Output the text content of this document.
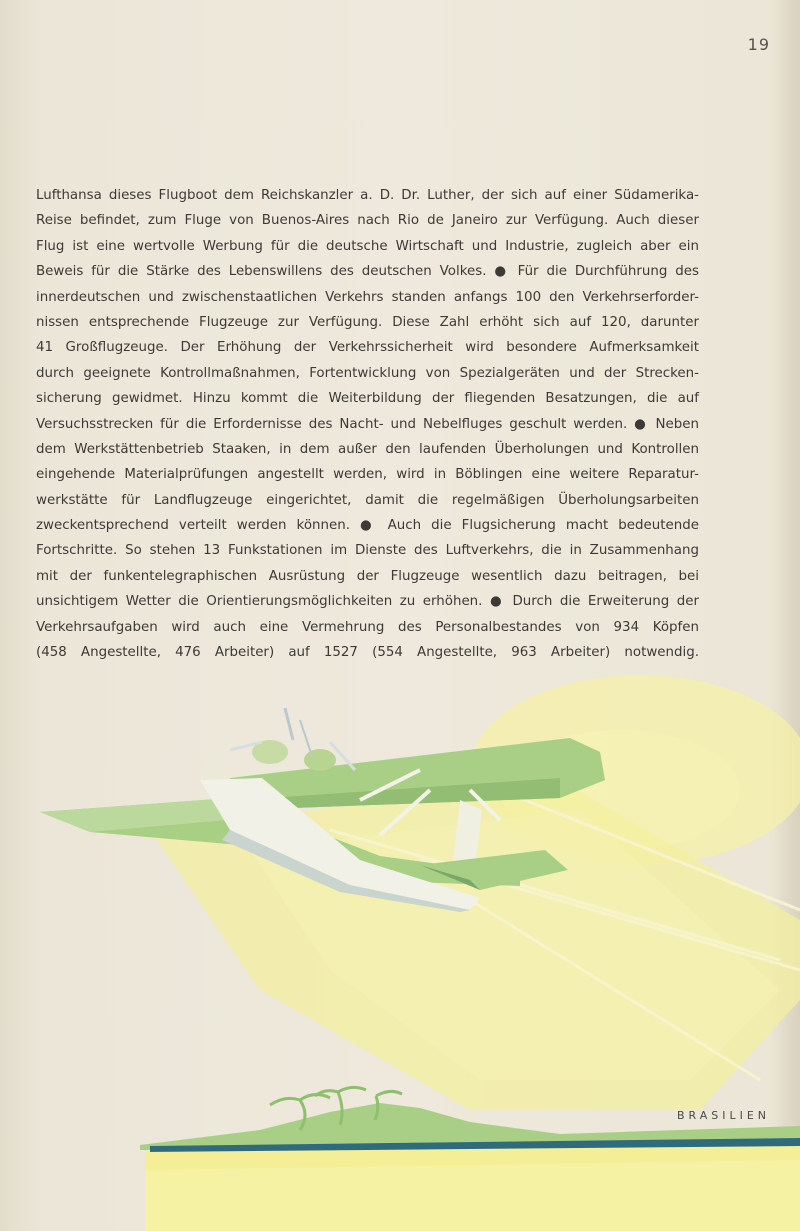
19
Lufthansa dieses Flugboot dem Reichskanzler a. D. Dr. Luther, der sich auf einer Südamerika-
Reise befindet, zum Fluge von Buenos-Aires nach Rio de Janeiro zur Verfügung. Auch dieser
Flug ist eine wertvolle Werbung für die deutsche Wirtschaft und Industrie, zugleich aber ein
Beweis für die Stärke des Lebenswillens des deutschen Volkes. ● Für die Durchführung des
innerdeutschen und zwischenstaatlichen Verkehrs standen anfangs 100 den Verkehrserforder-
nissen entsprechende Flugzeuge zur Verfügung. Diese Zahl erhöht sich auf 120, darunter
41 Großflugzeuge. Der Erhöhung der Verkehrssicherheit wird besondere Aufmerksamkeit
durch geeignete Kontrollmaßnahmen, Fortentwicklung von Spezialgeräten und der Strecken-
sicherung gewidmet. Hinzu kommt die Weiterbildung der fliegenden Besatzungen, die auf
Versuchsstrecken für die Erfordernisse des Nacht- und Nebelfluges geschult werden. ● Neben
dem Werkstättenbetrieb Staaken, in dem außer den laufenden Überholungen und Kontrollen
eingehende Materialprüfungen angestellt werden, wird in Böblingen eine weitere Reparatur-
werkstätte für Landflugzeuge eingerichtet, damit die regelmäßigen Überholungsarbeiten
zweckentsprechend verteilt werden können. ● Auch die Flugsicherung macht bedeutende
Fortschritte. So stehen 13 Funkstationen im Dienste des Luftverkehrs, die in Zusammenhang
mit der funkentelegraphischen Ausrüstung der Flugzeuge wesentlich dazu beitragen, bei
unsichtigem Wetter die Orientierungsmöglichkeiten zu erhöhen. ● Durch die Erweiterung der
Verkehrsaufgaben wird auch eine Vermehrung des Personalbestandes von 934 Köpfen
(458 Angestellte, 476 Arbeiter) auf 1527 (554 Angestellte, 963 Arbeiter) notwendig.
BRASILIEN
